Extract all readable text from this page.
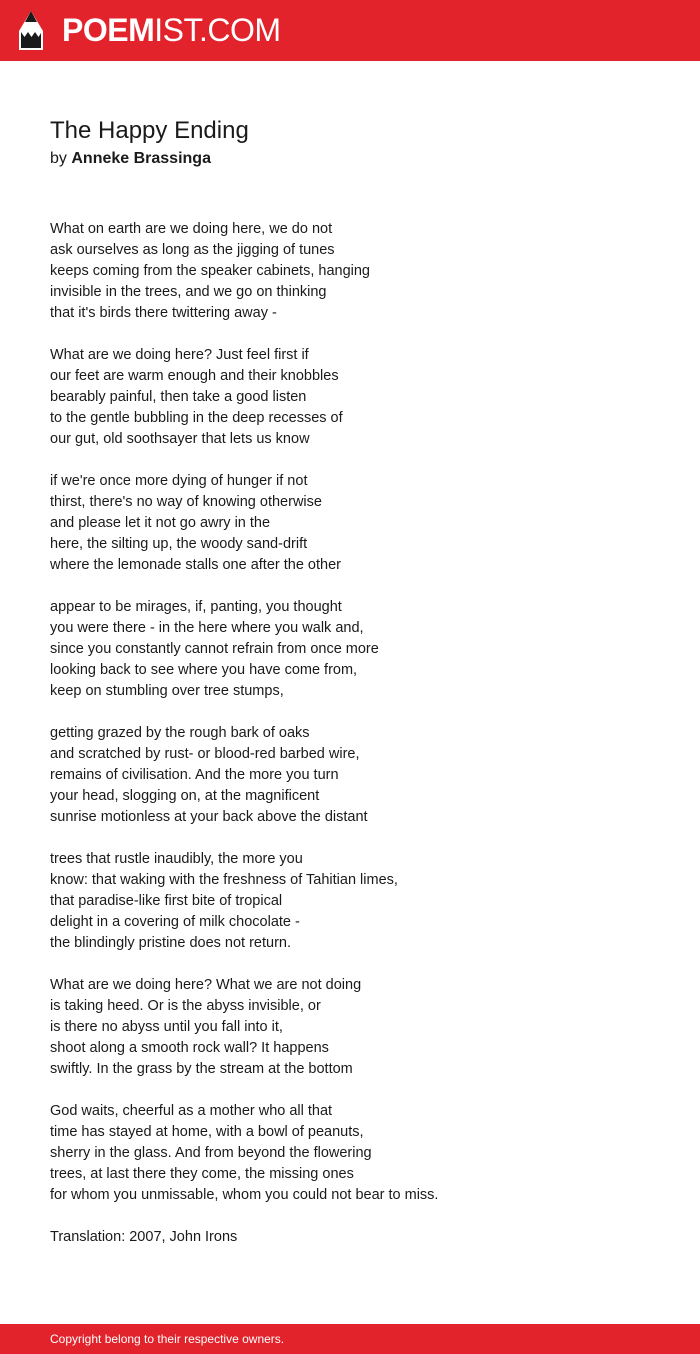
POEMIST.COM
The Happy Ending
by Anneke Brassinga
What on earth are we doing here, we do not
ask ourselves as long as the jigging of tunes
keeps coming from the speaker cabinets, hanging
invisible in the trees, and we go on thinking
that it's birds there twittering away -
What are we doing here? Just feel first if
our feet are warm enough and their knobbles
bearably painful, then take a good listen
to the gentle bubbling in the deep recesses of
our gut, old soothsayer that lets us know
if we're once more dying of hunger if not
thirst, there's no way of knowing otherwise
and please let it not go awry in the
here, the silting up, the woody sand-drift
where the lemonade stalls one after the other
appear to be mirages, if, panting, you thought
you were there - in the here where you walk and,
since you constantly cannot refrain from once more
looking back to see where you have come from,
keep on stumbling over tree stumps,
getting grazed by the rough bark of oaks
and scratched by rust- or blood-red barbed wire,
remains of civilisation. And the more you turn
your head, slogging on, at the magnificent
sunrise motionless at your back above the distant
trees that rustle inaudibly, the more you
know: that waking with the freshness of Tahitian limes,
that paradise-like first bite of tropical
delight in a covering of milk chocolate -
the blindingly pristine does not return.
What are we doing here? What we are not doing
is taking heed. Or is the abyss invisible, or
is there no abyss until you fall into it,
shoot along a smooth rock wall? It happens
swiftly. In the grass by the stream at the bottom
God waits, cheerful as a mother who all that
time has stayed at home, with a bowl of peanuts,
sherry in the glass. And from beyond the flowering
trees, at last there they come, the missing ones
for whom you unmissable, whom you could not bear to miss.
Translation: 2007, John Irons
Copyright belong to their respective owners.
